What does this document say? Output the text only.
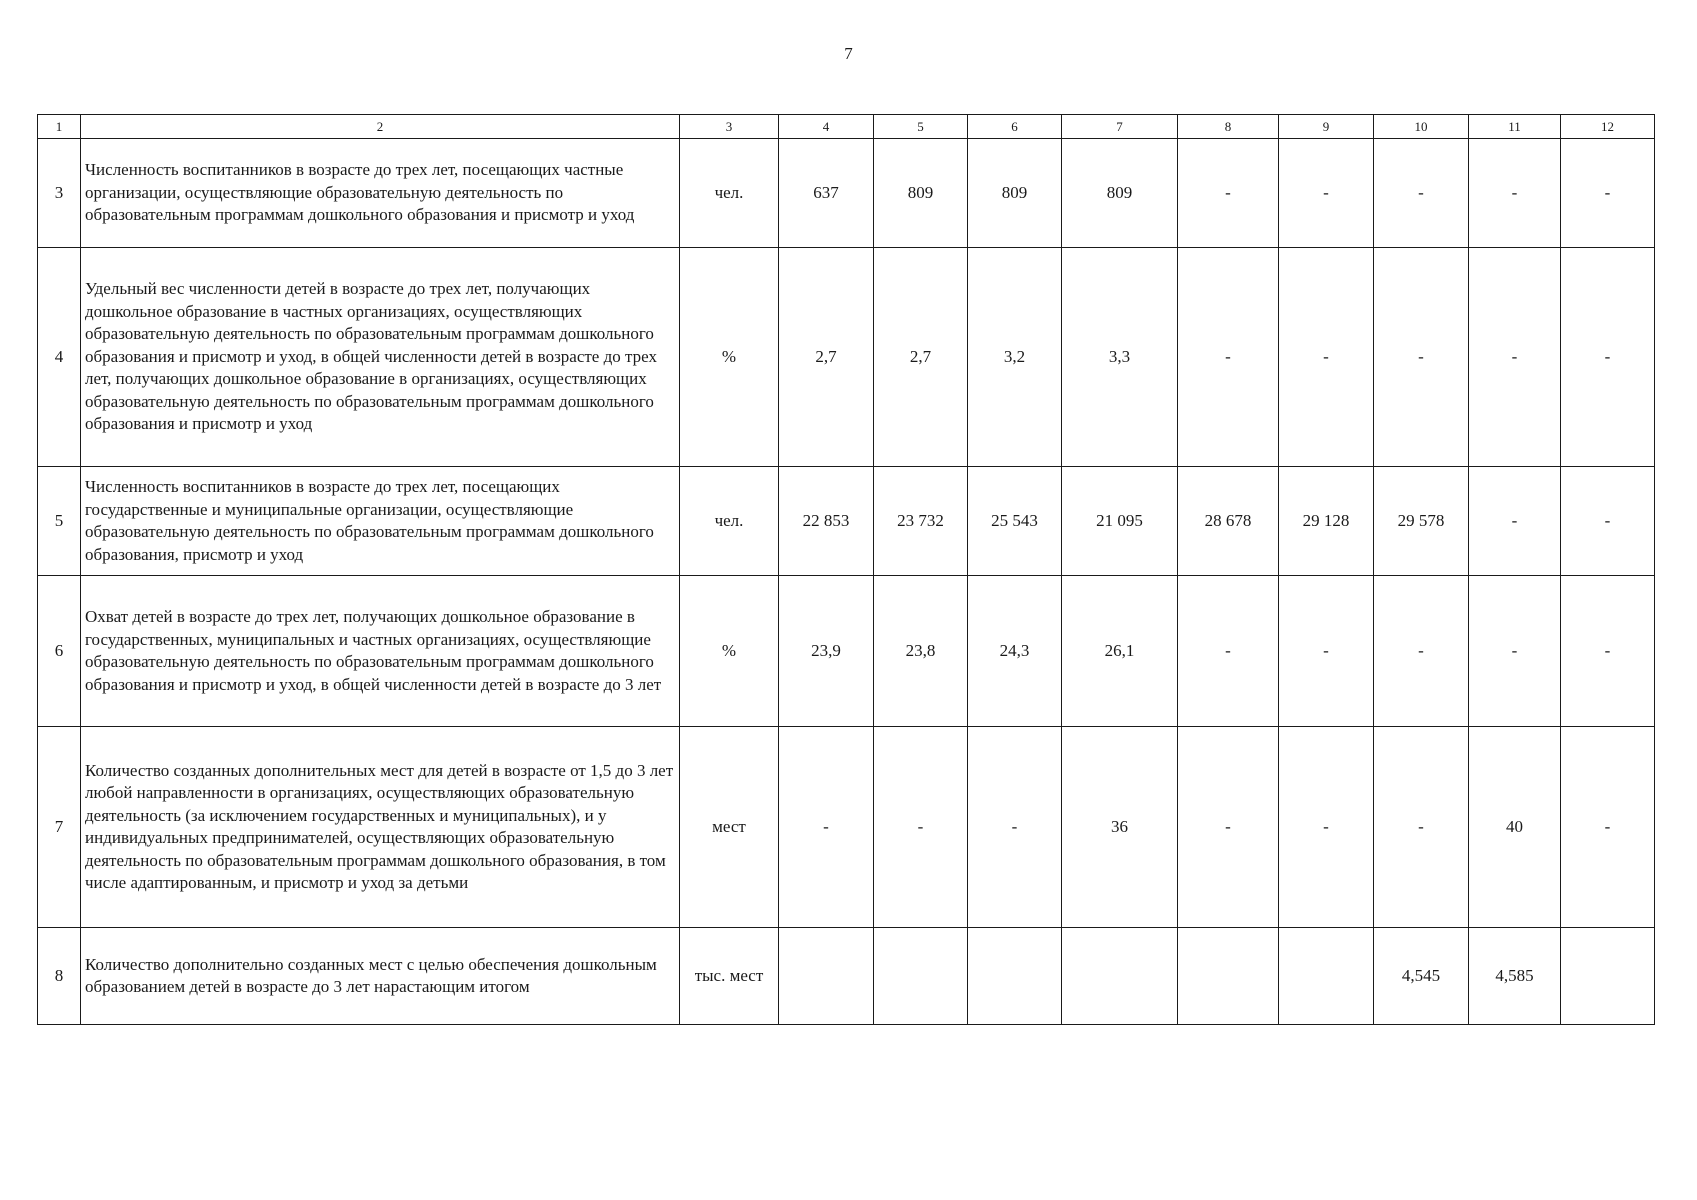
7
1	2	3	4	5	6	7	8	9	10	11	12
3	Численность воспитанников в возрасте до трех лет, посещающих частные организации, осуществляющие образовательную деятельность по образовательным программам дошкольного образования и присмотр и уход	чел.	637	809	809	809	-	-	-	-	-
4	Удельный вес численности детей в возрасте до трех лет, получающих дошкольное образование в частных организациях, осуществляющих образовательную деятельность по образовательным программам дошкольного образования и присмотр и уход, в общей численности детей в возрасте до трех лет, получающих дошкольное образование в организациях, осуществляющих образовательную деятельность по образовательным программам дошкольного образования и присмотр и уход	%	2,7	2,7	3,2	3,3	-	-	-	-	-
5	Численность воспитанников в возрасте до трех лет, посещающих государственные и муниципальные организации, осуществляющие образовательную деятельность по образовательным программам дошкольного образования, присмотр и уход	чел.	22 853	23 732	25 543	21 095	28 678	29 128	29 578	-	-
6	Охват детей в возрасте до трех лет, получающих дошкольное образование в государственных, муниципальных и частных организациях, осуществляющие образовательную деятельность по образовательным программам дошкольного образования и присмотр и уход, в общей численности детей в возрасте до 3 лет	%	23,9	23,8	24,3	26,1	-	-	-	-	-
7	Количество созданных дополнительных мест для детей в возрасте от 1,5 до 3 лет любой направленности в организациях, осуществляющих образовательную деятельность (за исключением государственных и муниципальных), и у индивидуальных предпринимателей, осуществляющих образовательную деятельность по образовательным программам дошкольного образования, в том числе адаптированным, и присмотр и уход за детьми	мест	-	-	-	36	-	-	-	40	-
8	Количество дополнительно созданных мест с целью обеспечения дошкольным образованием детей в возрасте до 3 лет нарастающим итогом	тыс. мест							4,545	4,585	
